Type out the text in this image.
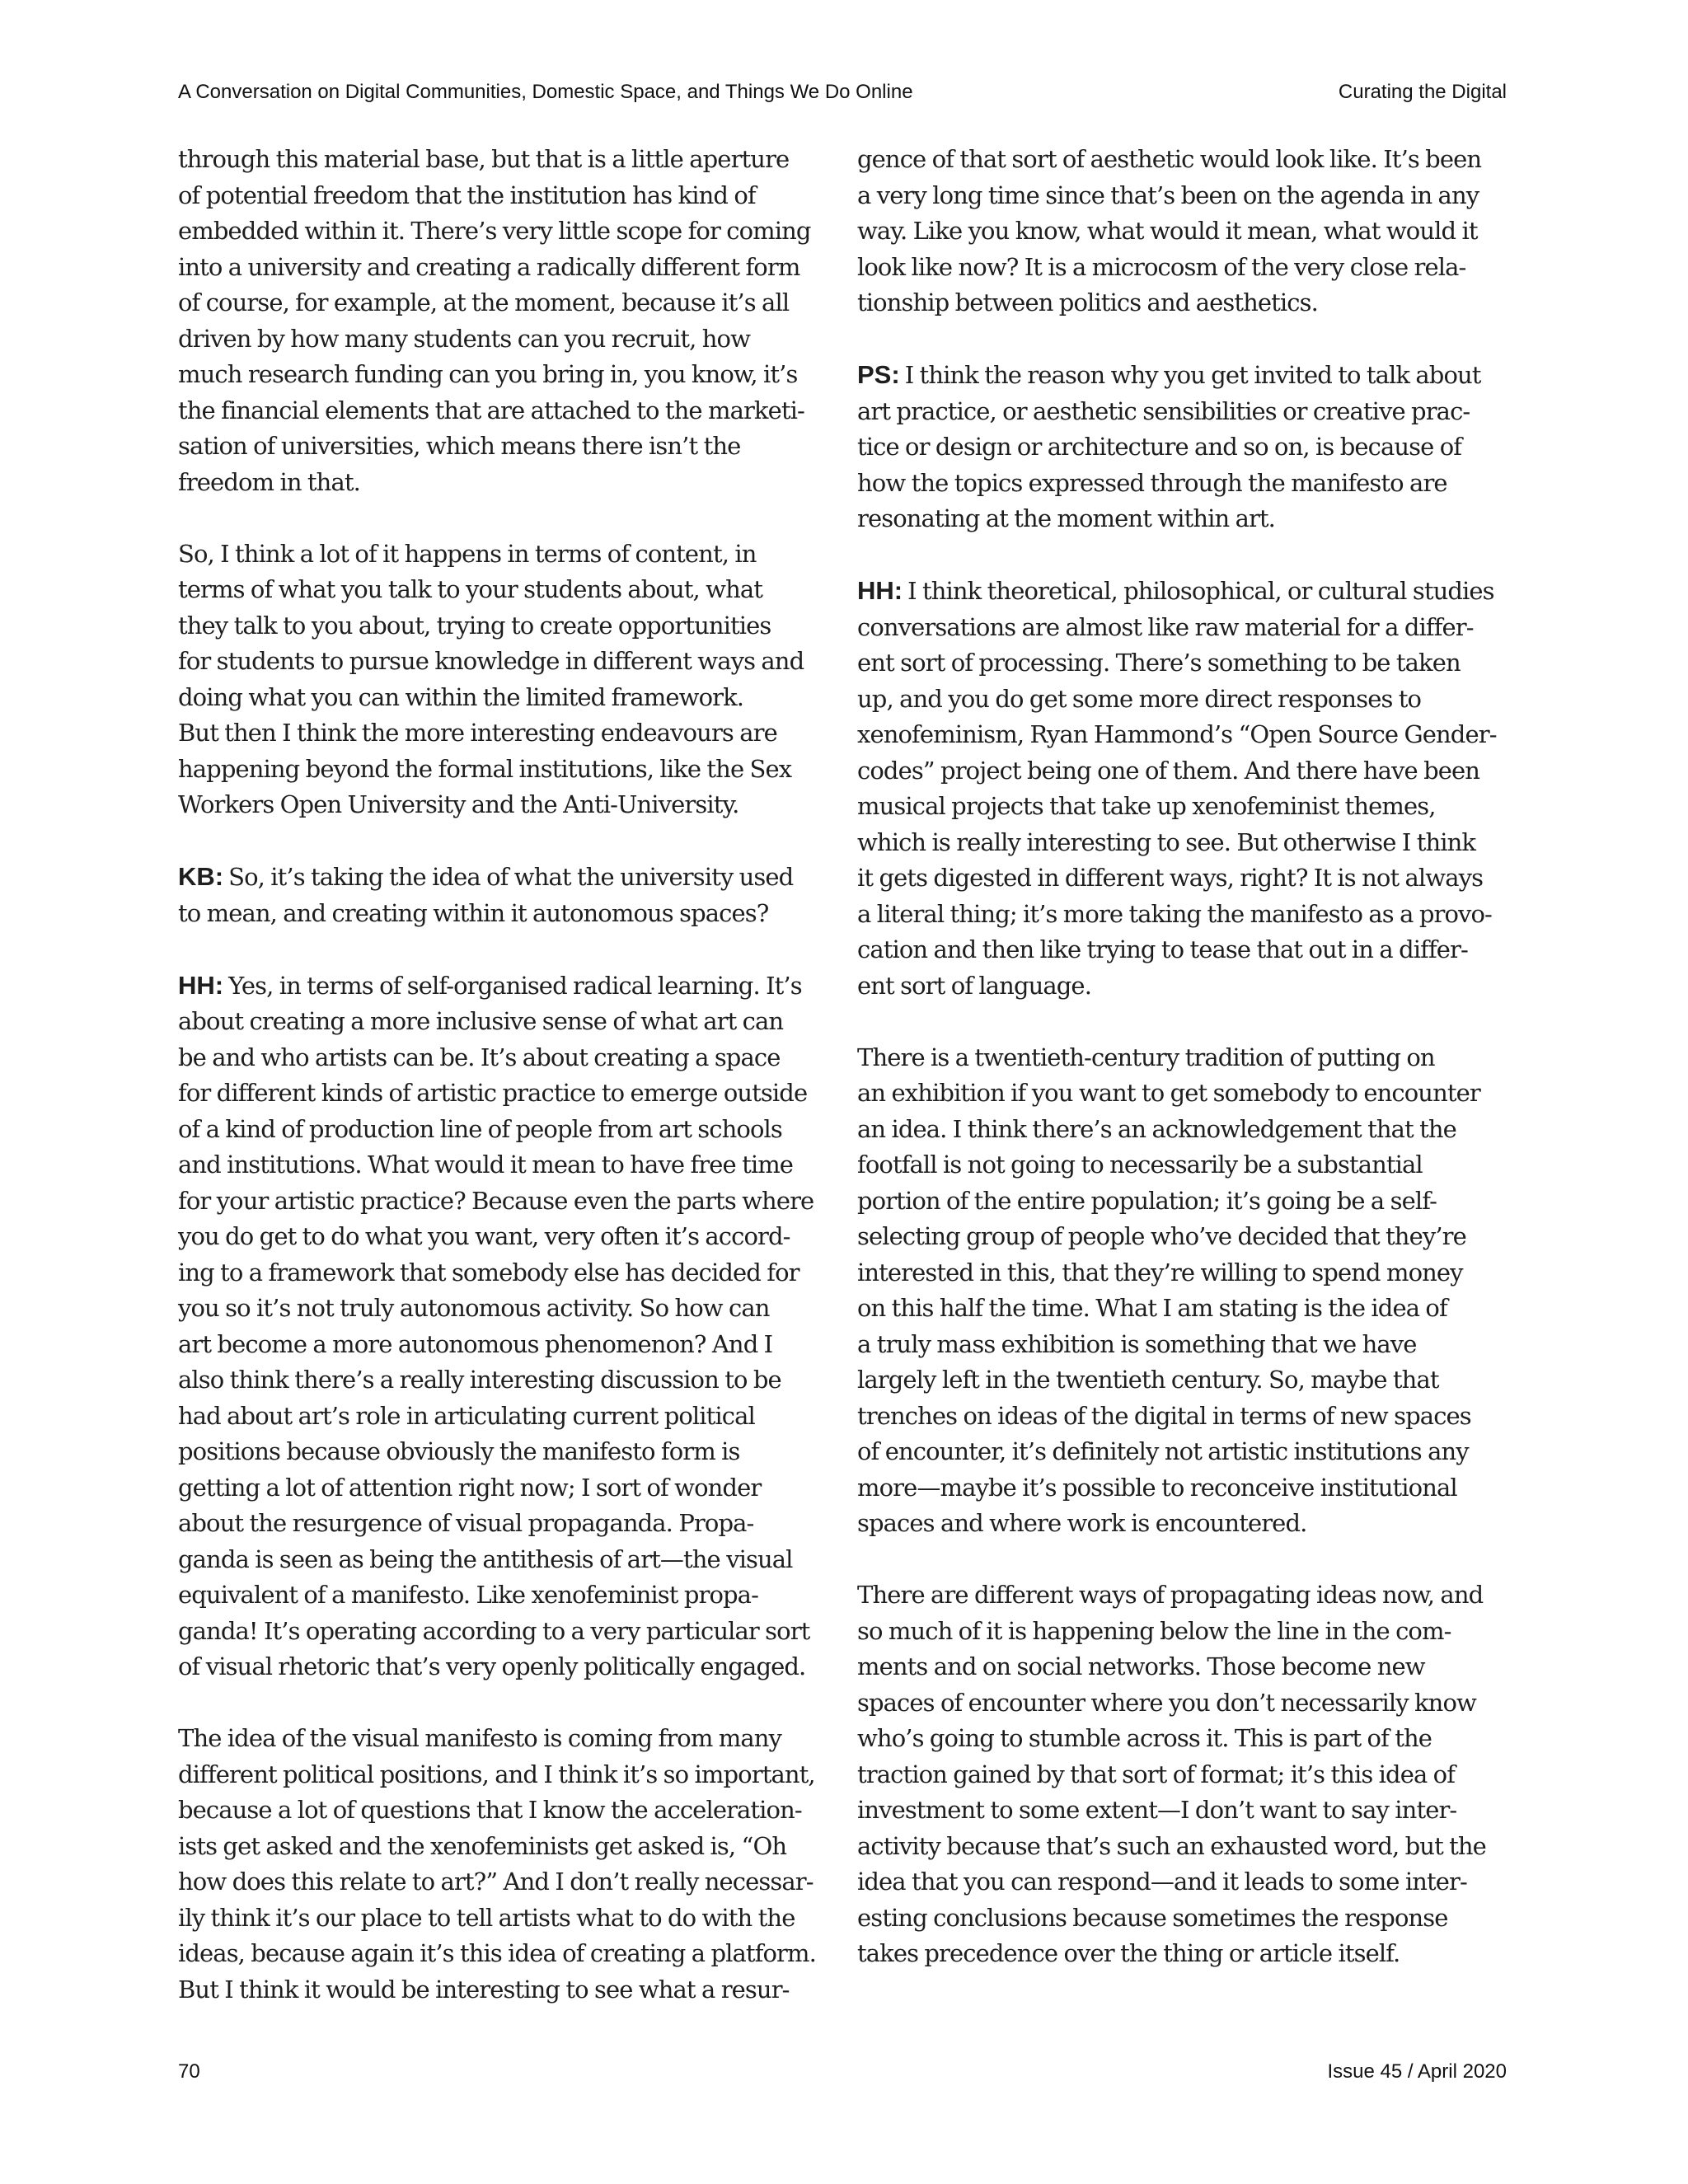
A Conversation on Digital Communities, Domestic Space, and Things We Do Online	Curating the Digital

through this material base, but that is a little aperture
of potential freedom that the institution has kind of
embedded within it. There’s very little scope for coming
into a university and creating a radically different form
of course, for example, at the moment, because it’s all
driven by how many students can you recruit, how
much research funding can you bring in, you know, it’s
the financial elements that are attached to the marketi-
sation of universities, which means there isn’t the
freedom in that.

So, I think a lot of it happens in terms of content, in
terms of what you talk to your students about, what
they talk to you about, trying to create opportunities
for students to pursue knowledge in different ways and
doing what you can within the limited framework.
But then I think the more interesting endeavours are
happening beyond the formal institutions, like the Sex
Workers Open University and the Anti-University.

KB: So, it’s taking the idea of what the university used
to mean, and creating within it autonomous spaces?

HH: Yes, in terms of self-organised radical learning. It’s
about creating a more inclusive sense of what art can
be and who artists can be. It’s about creating a space
for different kinds of artistic practice to emerge outside
of a kind of production line of people from art schools
and institutions. What would it mean to have free time
for your artistic practice? Because even the parts where
you do get to do what you want, very often it’s accord-
ing to a framework that somebody else has decided for
you so it’s not truly autonomous activity. So how can
art become a more autonomous phenomenon? And I
also think there’s a really interesting discussion to be
had about art’s role in articulating current political
positions because obviously the manifesto form is
getting a lot of attention right now; I sort of wonder
about the resurgence of visual propaganda. Propa-
ganda is seen as being the antithesis of art—the visual
equivalent of a manifesto. Like xenofeminist propa-
ganda! It’s operating according to a very particular sort
of visual rhetoric that’s very openly politically engaged.

The idea of the visual manifesto is coming from many
different political positions, and I think it’s so important,
because a lot of questions that I know the acceleration-
ists get asked and the xenofeminists get asked is, “Oh
how does this relate to art?” And I don’t really necessar-
ily think it’s our place to tell artists what to do with the
ideas, because again it’s this idea of creating a platform.
But I think it would be interesting to see what a resur-

gence of that sort of aesthetic would look like. It’s been
a very long time since that’s been on the agenda in any
way. Like you know, what would it mean, what would it
look like now? It is a microcosm of the very close rela-
tionship between politics and aesthetics.

PS: I think the reason why you get invited to talk about
art practice, or aesthetic sensibilities or creative prac-
tice or design or architecture and so on, is because of
how the topics expressed through the manifesto are
resonating at the moment within art.

HH: I think theoretical, philosophical, or cultural studies
conversations are almost like raw material for a differ-
ent sort of processing. There’s something to be taken
up, and you do get some more direct responses to
xenofeminism, Ryan Hammond’s “Open Source Gender-
codes” project being one of them. And there have been
musical projects that take up xenofeminist themes,
which is really interesting to see. But otherwise I think
it gets digested in different ways, right? It is not always
a literal thing; it’s more taking the manifesto as a provo-
cation and then like trying to tease that out in a differ-
ent sort of language.

There is a twentieth-century tradition of putting on
an exhibition if you want to get somebody to encounter
an idea. I think there’s an acknowledgement that the
footfall is not going to necessarily be a substantial
portion of the entire population; it’s going be a self-
selecting group of people who’ve decided that they’re
interested in this, that they’re willing to spend money
on this half the time. What I am stating is the idea of
a truly mass exhibition is something that we have
largely left in the twentieth century. So, maybe that
trenches on ideas of the digital in terms of new spaces
of encounter, it’s definitely not artistic institutions any
more—maybe it’s possible to reconceive institutional
spaces and where work is encountered.

There are different ways of propagating ideas now, and
so much of it is happening below the line in the com-
ments and on social networks. Those become new
spaces of encounter where you don’t necessarily know
who’s going to stumble across it. This is part of the
traction gained by that sort of format; it’s this idea of
investment to some extent—I don’t want to say inter-
activity because that’s such an exhausted word, but the
idea that you can respond—and it leads to some inter-
esting conclusions because sometimes the response
takes precedence over the thing or article itself.

70	Issue 45 / April 2020
